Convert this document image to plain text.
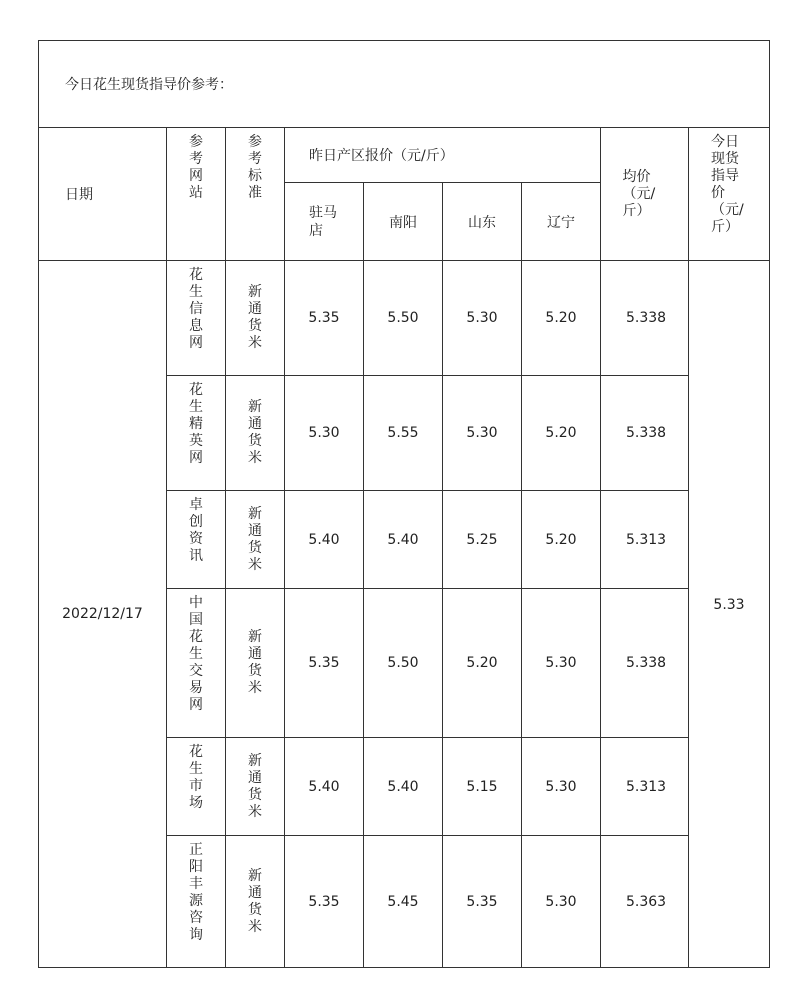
今日花生现货指导价参考：								
日期	参考网站	参考标准	昨日产区报价（元/斤）				均价（元/斤）	今日现货指导价（元/斤）
			驻马店	南阳	山东	辽宁		
2022/12/17	花生信息网	新通货米	5.35	5.50	5.30	5.20	5.338	5.33
	花生精英网	新通货米	5.30	5.55	5.30	5.20	5.338	
	卓创资讯	新通货米	5.40	5.40	5.25	5.20	5.313	
	中国花生交易网	新通货米	5.35	5.50	5.20	5.30	5.338	
	花生市场	新通货米	5.40	5.40	5.15	5.30	5.313	
	正阳丰源咨询	新通货米	5.35	5.45	5.35	5.30	5.363	
